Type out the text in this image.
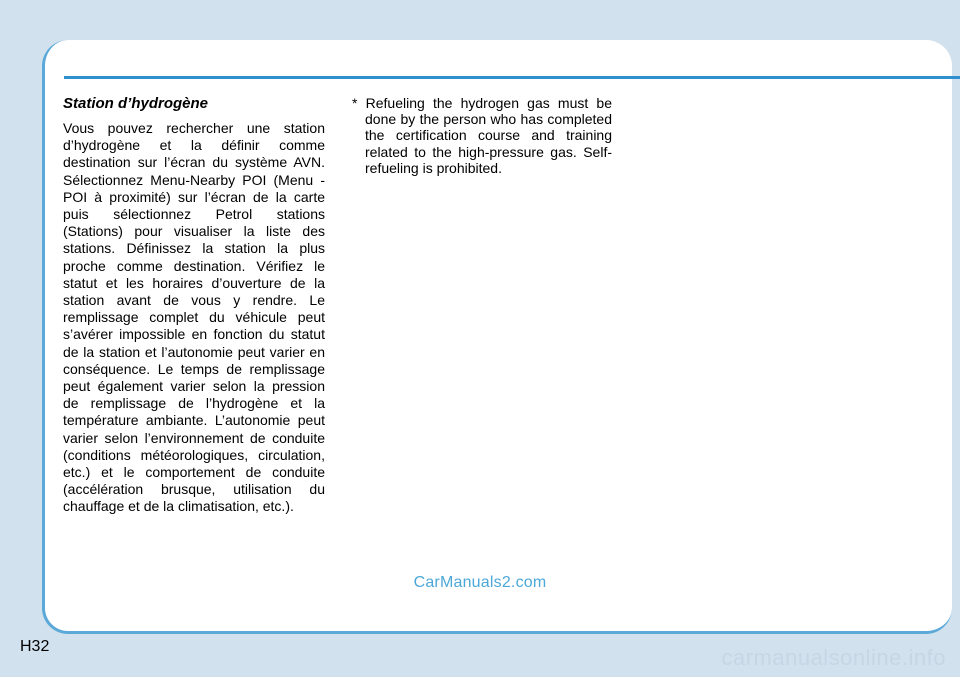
Station d’hydrogène

Vous pouvez rechercher une station d’hydrogène et la définir comme destination sur l’écran du système AVN. Sélectionnez Menu-Nearby POI (Menu - POI à proximité) sur l’écran de la carte puis sélectionnez Petrol stations (Stations) pour visualiser la liste des stations. Définissez la station la plus proche comme destination. Vérifiez le statut et les horaires d’ouverture de la station avant de vous y rendre. Le remplissage complet du véhicule peut s’avérer impossible en fonction du statut de la station et l’autonomie peut varier en conséquence. Le temps de remplissage peut également varier selon la pression de remplissage de l’hydrogène et la température ambiante. L’autonomie peut varier selon l’environnement de conduite (conditions météorologiques, circulation, etc.) et le comportement de conduite (accélération brusque, utilisation du chauffage et de la climatisation, etc.).

* Refueling the hydrogen gas must be done by the person who has completed the certification course and training related to the high-pressure gas. Self-refueling is prohibited.

CarManuals2.com
H32	carmanualsonline.info
